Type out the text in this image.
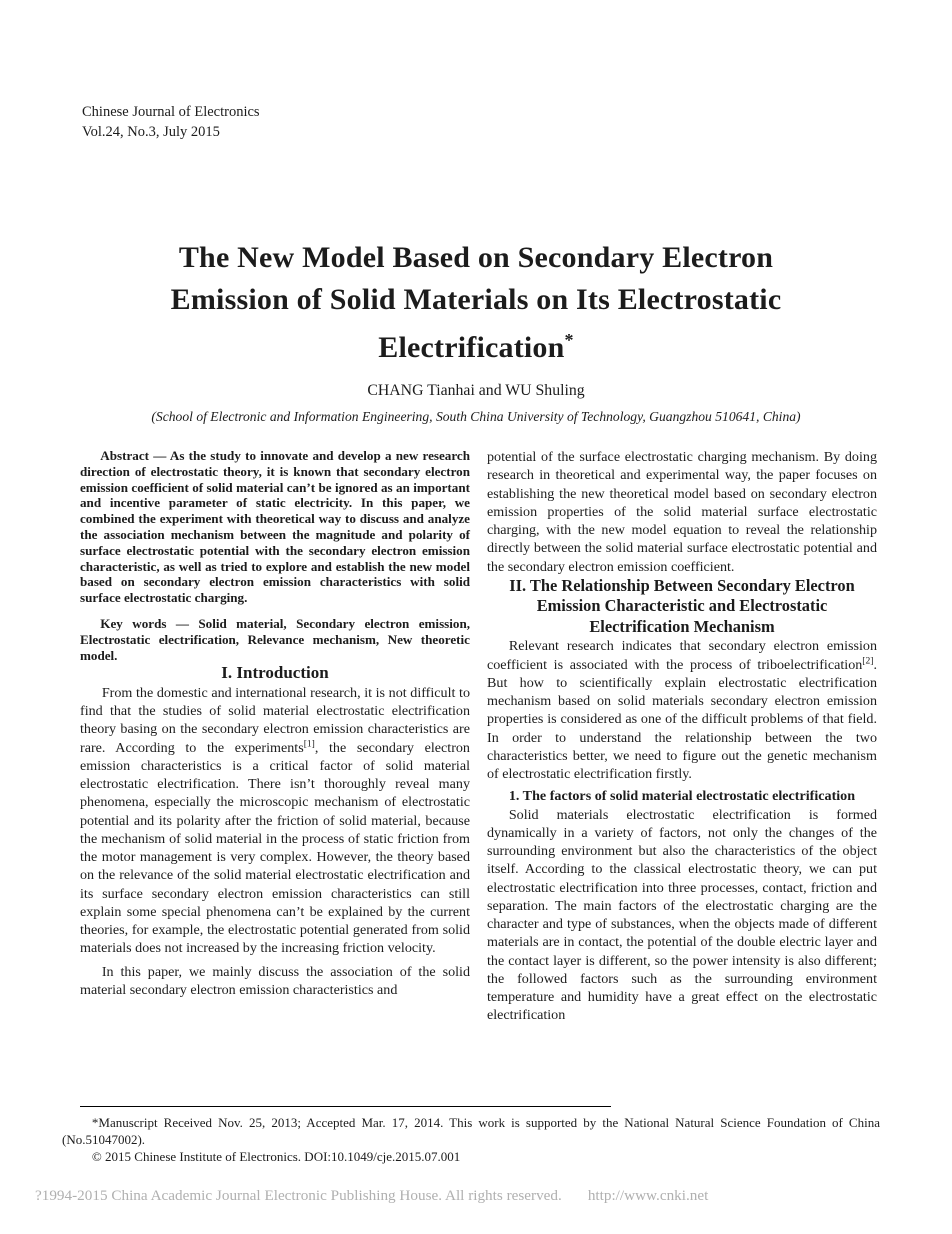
Chinese Journal of Electronics
Vol.24, No.3, July 2015
The New Model Based on Secondary Electron
Emission of Solid Materials on Its Electrostatic
Electrification*
CHANG Tianhai and WU Shuling
(School of Electronic and Information Engineering, South China University of Technology, Guangzhou 510641, China)

Abstract — As the study to innovate and develop a new research direction of electrostatic theory, it is known that secondary electron emission coefficient of solid material can’t be ignored as an important and incentive parameter of static electricity. In this paper, we combined the experiment with theoretical way to discuss and analyze the association mechanism between the magnitude and polarity of surface electrostatic potential with the secondary electron emission characteristic, as well as tried to explore and establish the new model based on secondary electron emission characteristics with solid surface electrostatic charging.

Key words — Solid material, Secondary electron emission, Electrostatic electrification, Relevance mechanism, New theoretic model.

I. Introduction

From the domestic and international research, it is not difficult to find that the studies of solid material electrostatic electrification theory basing on the secondary electron emission characteristics are rare. According to the experiments[1], the secondary electron emission characteristics is a critical factor of solid material electrostatic electrification. There isn’t thoroughly reveal many phenomena, especially the microscopic mechanism of electrostatic potential and its polarity after the friction of solid material, because the mechanism of solid material in the process of static friction from the motor management is very complex. However, the theory based on the relevance of the solid material electrostatic electrification and its surface secondary electron emission characteristics can still explain some special phenomena can’t be explained by the current theories, for example, the electrostatic potential generated from solid materials does not increased by the increasing friction velocity.

In this paper, we mainly discuss the association of the solid material secondary electron emission characteristics and

potential of the surface electrostatic charging mechanism. By doing research in theoretical and experimental way, the paper focuses on establishing the new theoretical model based on secondary electron emission properties of the solid material surface electrostatic charging, with the new model equation to reveal the relationship directly between the solid material surface electrostatic potential and the secondary electron emission coefficient.

II. The Relationship Between Secondary Electron Emission Characteristic and Electrostatic Electrification Mechanism

Relevant research indicates that secondary electron emission coefficient is associated with the process of triboelectrification[2]. But how to scientifically explain electrostatic electrification mechanism based on solid materials secondary electron emission properties is considered as one of the difficult problems of that field. In order to understand the relationship between the two characteristics better, we need to figure out the genetic mechanism of electrostatic electrification firstly.

1. The factors of solid material electrostatic electrification

Solid materials electrostatic electrification is formed dynamically in a variety of factors, not only the changes of the surrounding environment but also the characteristics of the object itself. According to the classical electrostatic theory, we can put electrostatic electrification into three processes, contact, friction and separation. The main factors of the electrostatic charging are the character and type of substances, when the objects made of different materials are in contact, the potential of the double electric layer and the contact layer is different, so the power intensity is also different; the followed factors such as the surrounding environment temperature and humidity have a great effect on the electrostatic electrification

*Manuscript Received Nov. 25, 2013; Accepted Mar. 17, 2014. This work is supported by the National Natural Science Foundation of China (No.51047002).

© 2015 Chinese Institute of Electronics. DOI:10.1049/cje.2015.07.001

?1994-2015 China Academic Journal Electronic Publishing House. All rights reserved. http://www.cnki.net
